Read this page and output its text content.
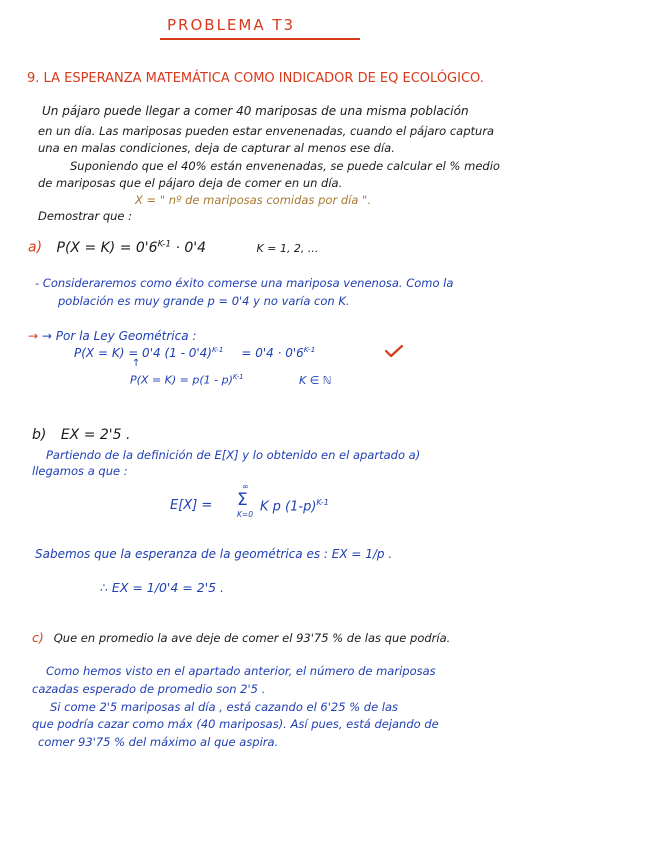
PROBLEMA T3
9. LA ESPERANZA MATEMÁTICA COMO INDICADOR DE EQ ECOLÓGICO.
Un pájaro puede llegar a comer 40 mariposas de una misma población
en un día. Las mariposas pueden estar envenenadas, cuando el pájaro captura
una en malas condiciones, deja de capturar al menos ese día.
Suponiendo que el 40% están envenenadas, se puede calcular el % medio
de mariposas que el pájaro deja de comer en un día.
X = " nº de mariposas comidas por día ".
Demostrar que :
a) $P(X = K) = 0'6^{K-1} \cdot 0'4$	K = 1, 2, ...
- Consideraremos como éxito comerse una mariposa venenosa. Como la
población es muy grande p = 0'4 y no varía con K.
→ → Por la Ley Geométrica :
P(X = K) = 0'4 $(1 - 0'4)^{K-1} = 0'4 \cdot 0'6^{K-1}$
↑
P(X = K) = p(1 - p)$^{K-1}$	K ∈ ℕ
b) EX = 2'5 .
Partiendo de la definición de E[X] y lo obtenido en el apartado a)
llegamos a que :
E[X] =
∞
Σ
K=0
K p $(1-p)^{K-1}$
Sabemos que la esperanza de la geométrica es : EX = 1/p .
∴ EX = 1/0'4 = 2'5 .
c) Que en promedio la ave deje de comer el 93'75 % de las que podría.
Como hemos visto en el apartado anterior, el número de mariposas
cazadas esperado de promedio son 2'5 .
Si come 2'5 mariposas al día , está cazando el 6'25 % de las
que podría cazar como máx (40 mariposas). Así pues, está dejando de
comer 93'75 % del máximo al que aspira.
